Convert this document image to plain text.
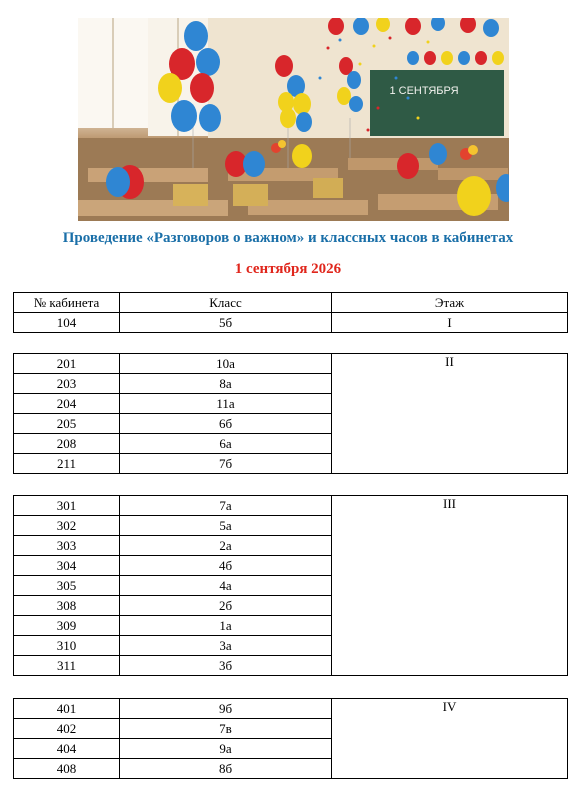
1 СЕНТЯБРЯ
Проведение «Разговоров о важном» и классных часов в кабинетах
1 сентября 2026
№ кабинета	Класс	Этаж
104	5б	I
201	10а	II
203	8а	
204	11а	
205	6б	
208	6а	
211	7б	
301	7а	III
302	5а	
303	2а	
304	4б	
305	4а	
308	2б	
309	1а	
310	3а	
311	3б	
401	9б	IV
402	7в	
404	9а	
408	8б	
